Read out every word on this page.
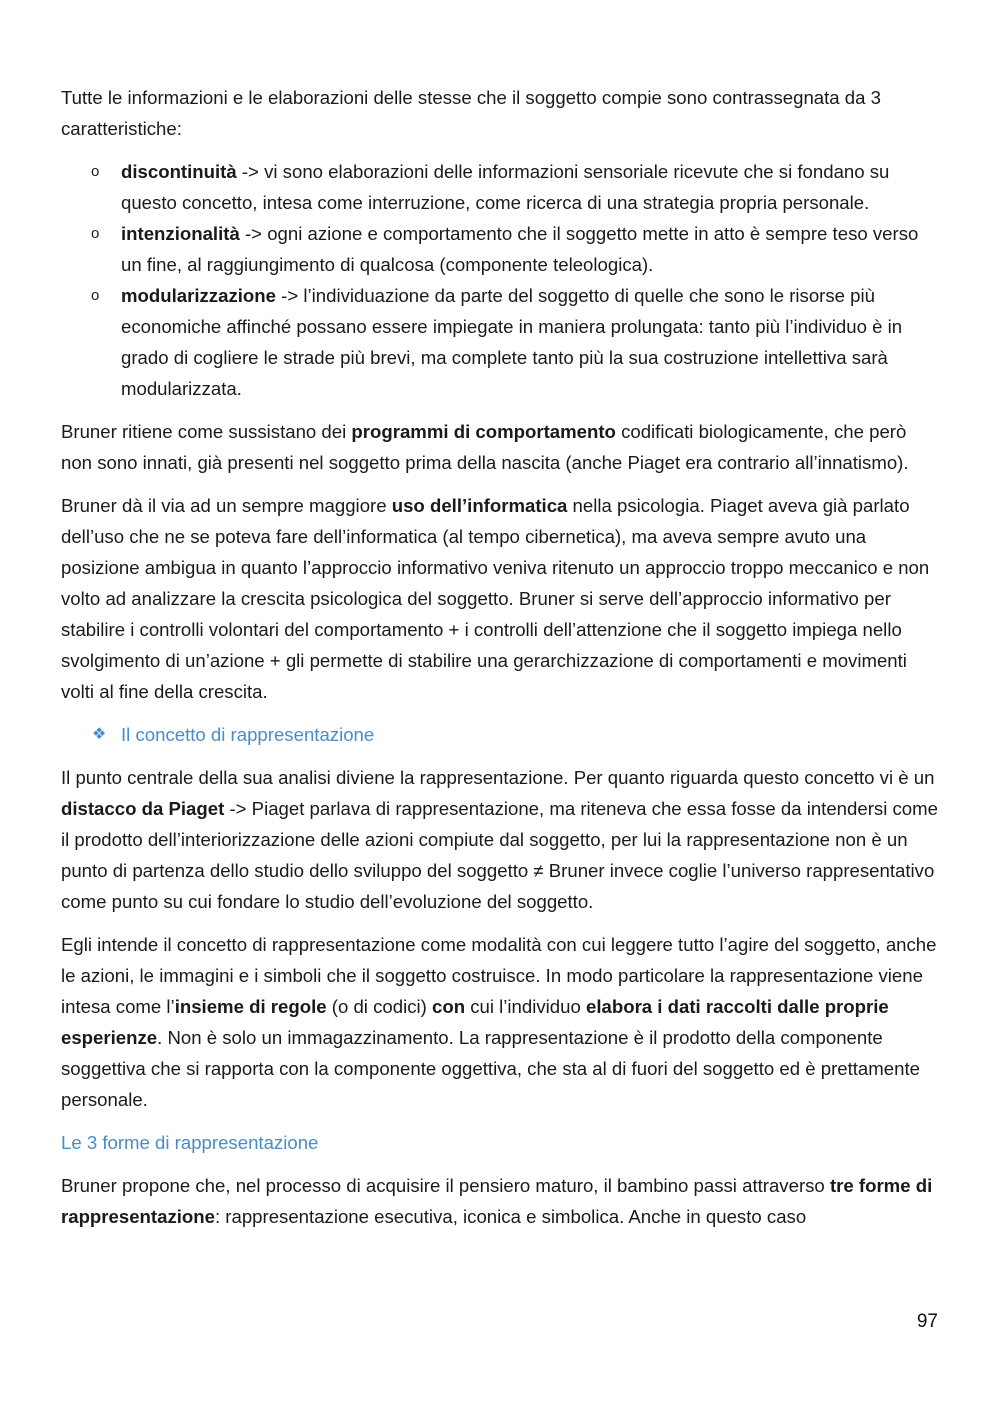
Tutte le informazioni e le elaborazioni delle stesse che il soggetto compie sono contrassegnata da 3 caratteristiche:

o discontinuità -> vi sono elaborazioni delle informazioni sensoriale ricevute che si fondano su questo concetto, intesa come interruzione, come ricerca di una strategia propria personale.
o intenzionalità -> ogni azione e comportamento che il soggetto mette in atto è sempre teso verso un fine, al raggiungimento di qualcosa (componente teleologica).
o modularizzazione -> l’individuazione da parte del soggetto di quelle che sono le risorse più economiche affinché possano essere impiegate in maniera prolungata: tanto più l’individuo è in grado di cogliere le strade più brevi, ma complete tanto più la sua costruzione intellettiva sarà modularizzata.

Bruner ritiene come sussistano dei programmi di comportamento codificati biologicamente, che però non sono innati, già presenti nel soggetto prima della nascita (anche Piaget era contrario all’innatismo).

Bruner dà il via ad un sempre maggiore uso dell’informatica nella psicologia. Piaget aveva già parlato dell’uso che ne se poteva fare dell’informatica (al tempo cibernetica), ma aveva sempre avuto una posizione ambigua in quanto l’approccio informativo veniva ritenuto un approccio troppo meccanico e non volto ad analizzare la crescita psicologica del soggetto. Bruner si serve dell’approccio informativo per stabilire i controlli volontari del comportamento + i controlli dell’attenzione che il soggetto impiega nello svolgimento di un’azione + gli permette di stabilire una gerarchizzazione di comportamenti e movimenti volti al fine della crescita.

❖ Il concetto di rappresentazione

Il punto centrale della sua analisi diviene la rappresentazione. Per quanto riguarda questo concetto vi è un distacco da Piaget -> Piaget parlava di rappresentazione, ma riteneva che essa fosse da intendersi come il prodotto dell’interiorizzazione delle azioni compiute dal soggetto, per lui la rappresentazione non è un punto di partenza dello studio dello sviluppo del soggetto ≠ Bruner invece coglie l’universo rappresentativo come punto su cui fondare lo studio dell’evoluzione del soggetto.

Egli intende il concetto di rappresentazione come modalità con cui leggere tutto l’agire del soggetto, anche le azioni, le immagini e i simboli che il soggetto costruisce. In modo particolare la rappresentazione viene intesa come l’insieme di regole (o di codici) con cui l’individuo elabora i dati raccolti dalle proprie esperienze. Non è solo un immagazzinamento. La rappresentazione è il prodotto della componente soggettiva che si rapporta con la componente oggettiva, che sta al di fuori del soggetto ed è prettamente personale.

Le 3 forme di rappresentazione

Bruner propone che, nel processo di acquisire il pensiero maturo, il bambino passi attraverso tre forme di rappresentazione: rappresentazione esecutiva, iconica e simbolica. Anche in questo caso

97
